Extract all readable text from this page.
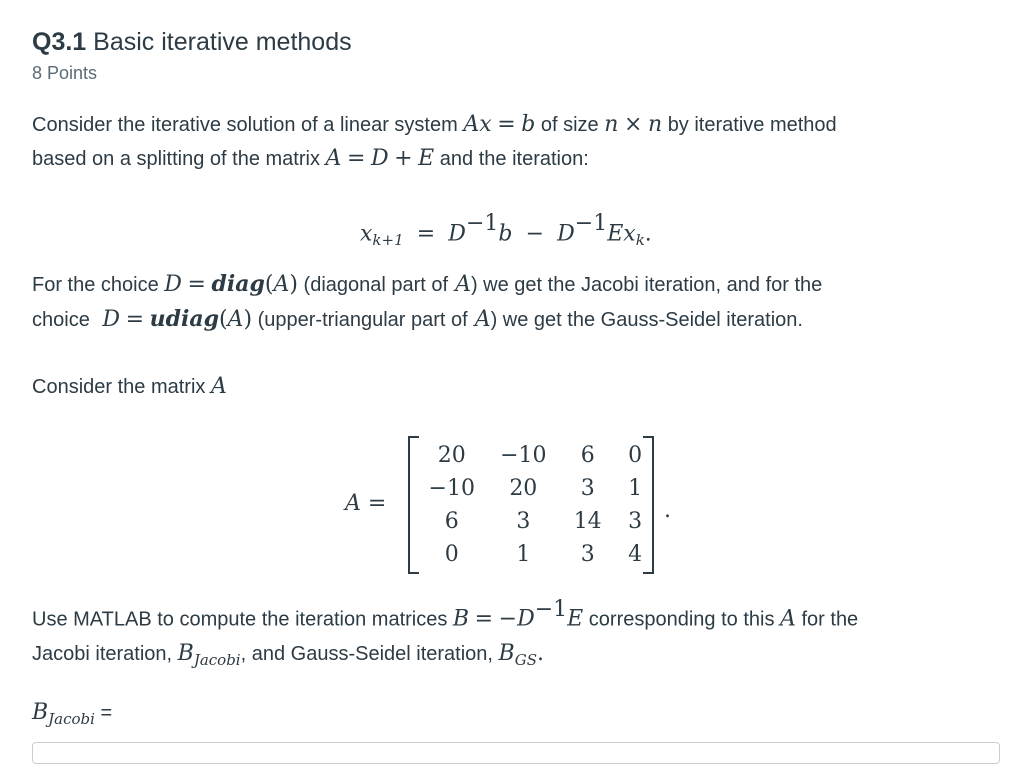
Q3.1 Basic iterative methods
8 Points
Consider the iterative solution of a linear system Ax = b of size n × n by iterative method
based on a splitting of the matrix A = D + E and the iteration:
$x_{k+1} = D^{-1}b - D^{-1}Ex_k$.
For the choice D = diag(A) (diagonal part of A) we get the Jacobi iteration, and for the
choice  D = udiag(A) (upper-triangular part of A) we get the Gauss-Seidel iteration.
Consider the matrix A
A =
20	−10	6	0
−10	20	3	1
6	3	14	3
0	1	3	4
.
Use MATLAB to compute the iteration matrices $B = -D^{-1}E$ corresponding to this A for the
Jacobi iteration, $B_{Jacobi}$, and Gauss-Seidel iteration, $B_{GS}$.
$B_{Jacobi}$ =
